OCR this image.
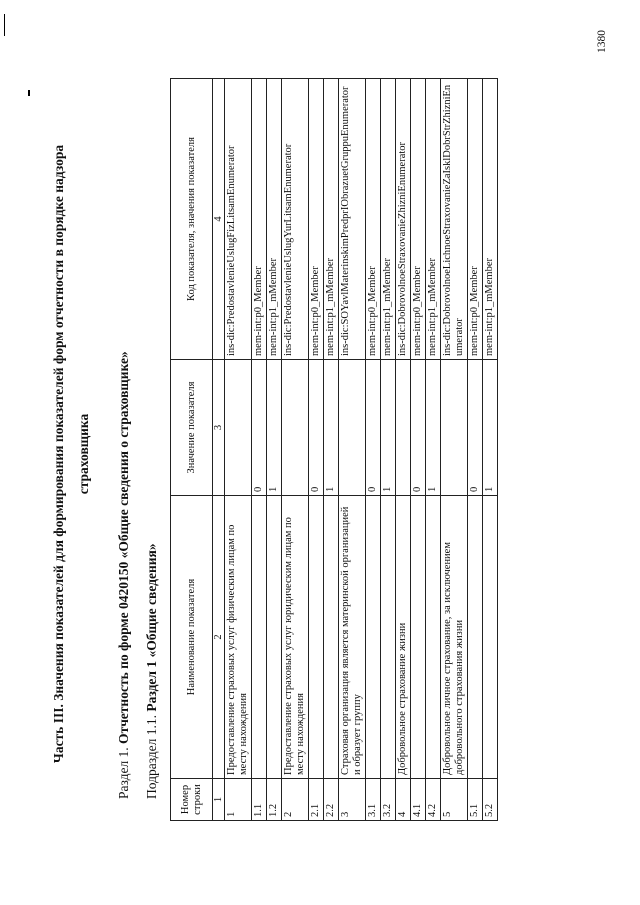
Часть III. Значения показателей для формирования показателей форм отчетности в порядке надзора страховщика
Раздел 1. Отчетность по форме 0420150 «Общие сведения о страховщике»
Подраздел 1.1. Раздел 1 «Общие сведения»
Номер строки	Наименование показателя	Значение показателя	Код показателя, значения показателя
1	2	3	4
1	Предоставление страховых услуг физическим лицам по месту нахождения		ins-dic:PredostavlenieUslugFizLitsamEnumerator
1.1		0	mem-int:p0_Member
1.2		1	mem-int:p1_mMember
2	Предоставление страховых услуг юридическим лицам по месту нахождения		ins-dic:PredostavlenieUslugYurLitsamEnumerator
2.1		0	mem-int:p0_Member
2.2		1	mem-int:p1_mMember
3	Страховая организация является материнской организацией и образует группу		ins-dic:SOYavlMaterinskimPredprIObrazuetGruppuEnumerator
3.1		0	mem-int:p0_Member
3.2		1	mem-int:p1_mMember
4	Добровольное страхование жизни		ins-dic:DobrovolnoeStraxovanieZhizniEnumerator
4.1		0	mem-int:p0_Member
4.2		1	mem-int:p1_mMember
5	Добровольное личное страхование, за исключением добровольного страхования жизни		ins-dic:DobrovolnoeLichnoeStraxovanieZaIsklDobrStrZhizniEnumerator
5.1		0	mem-int:p0_Member
5.2		1	mem-int:p1_mMember
1380
